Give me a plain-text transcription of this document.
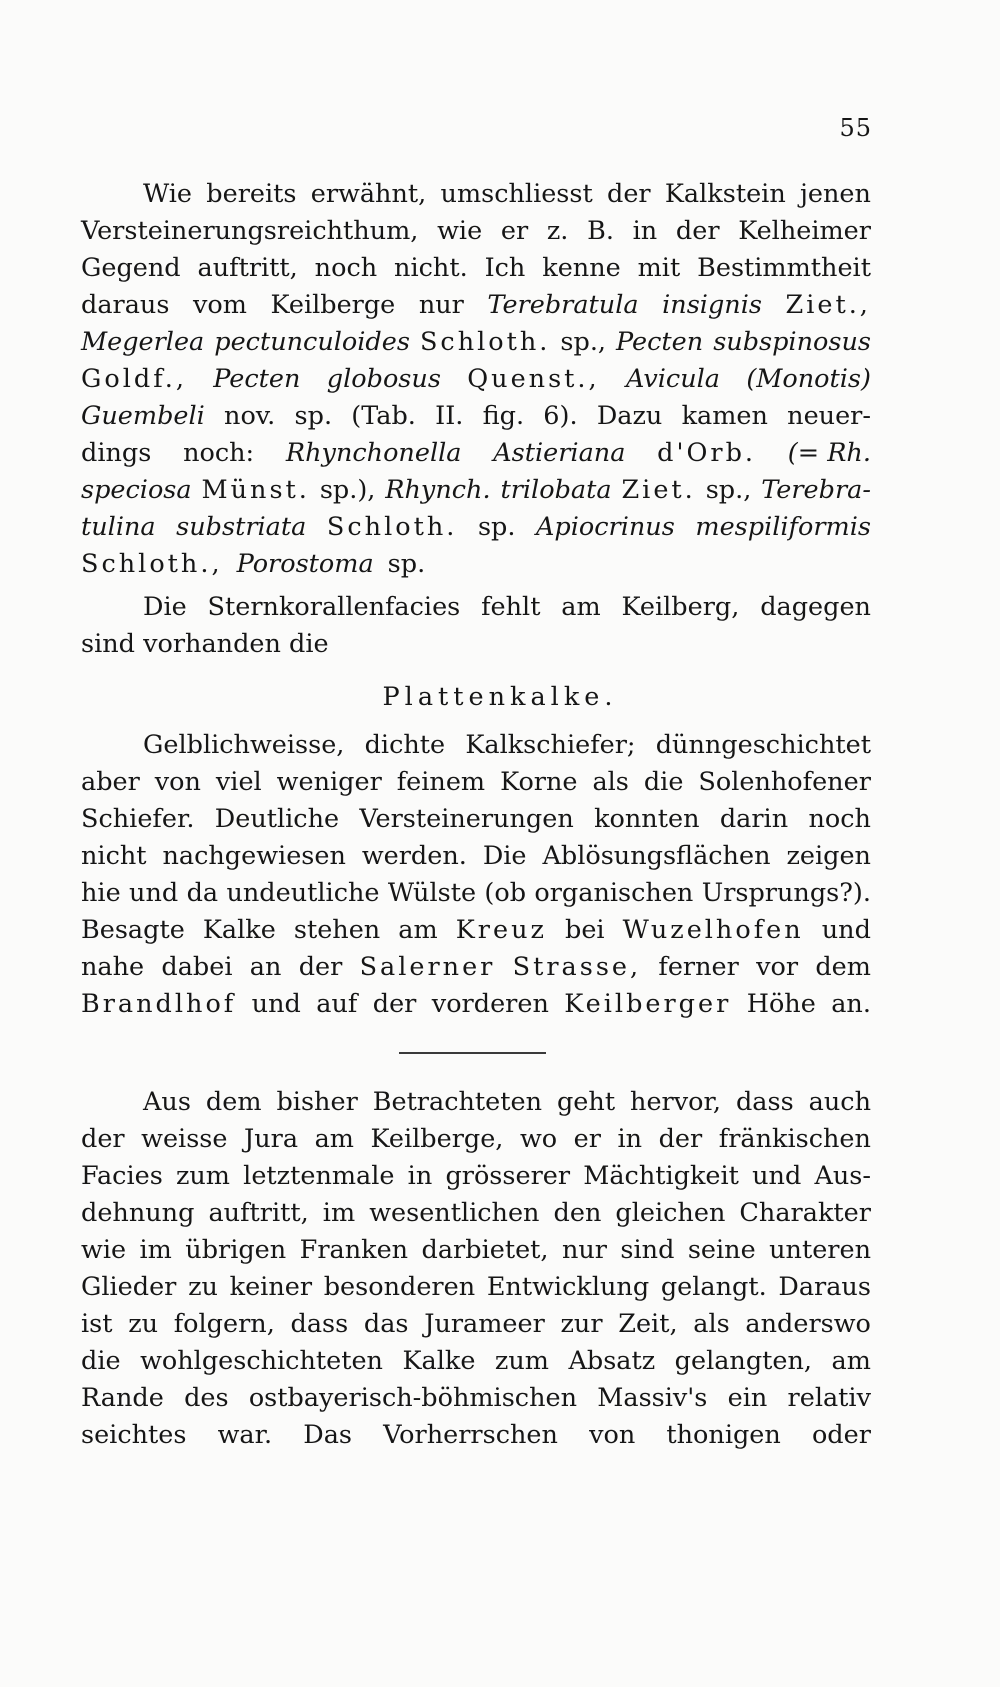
55
Wie bereits erwähnt, umschliesst der Kalkstein jenen
Versteinerungsreichthum, wie er z. B. in der Kelheimer
Gegend auftritt, noch nicht. Ich kenne mit Bestimmtheit
daraus vom Keilberge nur Terebratula insignis Ziet.,
Megerlea pectunculoides Schloth. sp., Pecten subspinosus
Goldf., Pecten globosus Quenst., Avicula (Monotis)
Guembeli nov. sp. (Tab. II. fig. 6). Dazu kamen neuer-
dings noch: Rhynchonella Astieriana d'Orb. (= Rh.
speciosa Münst. sp.), Rhynch. trilobata Ziet. sp., Terebra-
tulina substriata Schloth. sp. Apiocrinus mespiliformis
Schloth., Porostoma sp.
Die Sternkorallenfacies fehlt am Keilberg, dagegen
sind vorhanden die
Plattenkalke.
Gelblichweisse, dichte Kalkschiefer; dünngeschichtet
aber von viel weniger feinem Korne als die Solenhofener
Schiefer. Deutliche Versteinerungen konnten darin noch
nicht nachgewiesen werden. Die Ablösungsflächen zeigen
hie und da undeutliche Wülste (ob organischen Ursprungs?).
Besagte Kalke stehen am Kreuz bei Wuzelhofen und
nahe dabei an der Salerner Strasse, ferner vor dem
Brandlhof und auf der vorderen Keilberger Höhe an.
Aus dem bisher Betrachteten geht hervor, dass auch
der weisse Jura am Keilberge, wo er in der fränkischen
Facies zum letztenmale in grösserer Mächtigkeit und Aus-
dehnung auftritt, im wesentlichen den gleichen Charakter
wie im übrigen Franken darbietet, nur sind seine unteren
Glieder zu keiner besonderen Entwicklung gelangt. Daraus
ist zu folgern, dass das Jurameer zur Zeit, als anderswo
die wohlgeschichteten Kalke zum Absatz gelangten, am
Rande des ostbayerisch-böhmischen Massiv's ein relativ
seichtes war. Das Vorherrschen von thonigen oder
